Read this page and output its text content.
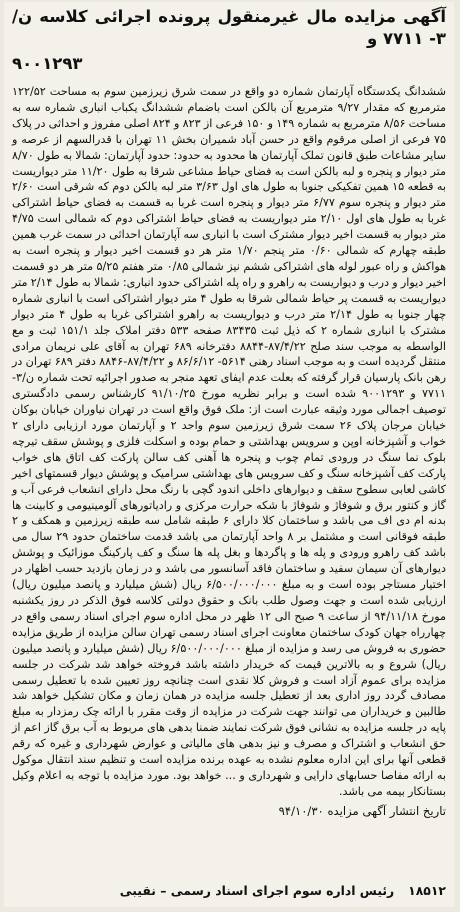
آگهی مزایده مال غیرمنقول پرونده اجرائی کلاسه ن/۳- ۷۷۱۱ و
۹۰۰۱۲۹۳
ششدانگ یکدستگاه آپارتمان شماره دو واقع در سمت شرق زیرزمین سوم به مساحت ۱۲۲/۵۲ مترمربع که مقدار ۹/۲۷ مترمربع آن بالکن است باضمام ششدانگ یکباب انباری شماره سه به مساحت ۸/۵۶ مترمربع به شماره ۱۴۹ و ۱۵۰ فرعی از ۸۲۳ و ۸۲۴ اصلی مفروز و احداثی در پلاک ۷۵ فرعی از اصلی مرقوم واقع در حسن آباد شمیران بخش ۱۱ تهران با قدرالسهم از عرصه و سایر مشاعات طبق قانون تملک آپارتمان ها محدود به حدود: حدود آپارتمان: شمالا به طول ۸/۷۰ متر دیوار و پنجره و لبه بالکن است به فضای حیاط مشاعی شرقا به طول ۱۱/۲۰ متر دیواریست به قطعه ۱۵ همین تفکیکی جنوبا به طول های اول ۳/۶۳ متر لبه بالکن دوم که شرقی است ۲/۶۰ متر دیوار و پنجره سوم ۶/۷۷ متر دیوار و پنجره است غربا به قسمت به فضای حیاط اشتراکی غربا به طول های اول ۲/۱۰ متر دیواریست به فضای حیاط اشتراکی دوم که شمالی است ۴/۷۵ متر دیوار به قسمت اخیر دیوار مشترک است با انباری سه آپارتمان احداثی در سمت غرب همین طبقه چهارم که شمالی ۰/۶۰ متر پنجم ۱/۷۰ متر هر دو قسمت اخیر دیوار و پنجره است به هواکش و راه عبور لوله های اشتراکی ششم نیز شمالی ۰/۸۵ متر هفتم ۵/۲۵ متر هر دو قسمت اخیر دیوار و درب و دیواریست به راهرو و راه پله اشتراکی حدود انباری: شمالا به طول ۲/۱۴ متر دیواریست به قسمت پر حیاط شمالی شرقا به طول ۴ متر دیوار اشتراکی است با انباری شماره چهار جنوبا به طول ۲/۱۴ متر درب و دیواریست به راهرو اشتراکی غربا به طول ۴ متر دیوار مشترک با انباری شماره ۲ که ذیل ثبت ۸۳۴۳۵ صفحه ۵۳۳ دفتر املاک جلد ۱۵۱/۱ ثبت و مع الواسطه به موجب سند صلح ۸۷/۴/۲۲-۸۸۴۴ دفترخانه ۶۸۹ تهران به آقای علی نریمان مرادی منتقل گردیده است و به موجب اسناد رهنی ۵۶۱۴- ۸۶/۶/۱۲ و ۸۷/۴/۲۲-۸۸۴۶ دفتر ۶۸۹ تهران در رهن بانک پارسیان قرار گرفته که بعلت عدم ایفای تعهد منجر به صدور اجرائیه تحت شماره ن/۳- ۷۷۱۱ و ۹۰۰۱۲۹۳ شده است و برابر نظریه مورخ ۹۱/۱۰/۲۵ کارشناس رسمی دادگستری توصیف اجمالی مورد وثیقه عبارت است از: ملک فوق واقع است در تهران نیاوران خیابان بوکان خیابان مرجان پلاک ۲۶ سمت شرق زیرزمین سوم واحد ۲ و آپارتمان مورد ارزیابی دارای ۲ خواب و آشپزخانه اوپن و سرویس بهداشتی و حمام بوده و اسکلت فلزی و پوشش سقف تیرچه بلوک نما سنگ در ورودی تمام چوب و پنجره ها آهنی کف سالن پارکت کف اتاق های خواب پارکت کف آشپزخانه سنگ و کف سرویس های بهداشتی سرامیک و پوشش دیوار قسمتهای اخیر کاشی لعابی سطوح سقف و دیوارهای داخلی اندود گچی با رنگ محل دارای انشعاب فرعی آب و گاز و کنتور برق و شوفاژ و شوفاژ با شکه حرارت مرکزی و رادیاتورهای آلومینیومی و کابینت ها بدنه ام دی اف می باشد و ساختمان کلا دارای ۶ طبقه شامل سه طبقه زیرزمین و همکف و ۲ طبقه فوقانی است و مشتمل بر ۸ واحد آپارتمان می باشد قدمت ساختمان حدود ۲۹ سال می باشد کف راهرو ورودی و پله ها و پاگردها و بغل پله ها سنگ و کف پارکینگ موزائیک و پوشش دیوارهای آن سیمان سفید و ساختمان فاقد آسانسور می باشد و در زمان بازدید حسب اظهار در اختیار مستاجر بوده است و به مبلغ ۶/۵۰۰/۰۰۰/۰۰۰ ریال (شش میلیارد و پانصد میلیون ریال) ارزیابی شده است و جهت وصول طلب بانک و حقوق دولتی کلاسه فوق الذکر در روز یکشنبه مورخ ۹۴/۱۱/۱۸ از ساعت ۹ صبح الی ۱۲ ظهر در محل اداره سوم اجرای اسناد رسمی واقع در چهارراه جهان کودک ساختمان معاونت اجرای اسناد رسمی تهران سالن مزایده از طریق مزایده حضوری به فروش می رسد و مزایده از مبلغ ۶/۵۰۰/۰۰۰/۰۰۰ ریال (شش میلیارد و پانصد میلیون ریال) شروع و به بالاترین قیمت که خریدار داشته باشد فروخته خواهد شد شرکت در جلسه مزایده برای عموم آزاد است و فروش کلا نقدی است چنانچه روز تعیین شده با تعطیل رسمی مصادف گردد روز اداری بعد از تعطیل جلسه مزایده در همان زمان و مکان تشکیل خواهد شد طالبین و خریداران می توانند جهت شرکت در مزایده از وقت مقرر با ارائه چک رمزدار به مبلغ پایه در جلسه مزایده به نشانی فوق شرکت نمایند ضمنا بدهی های مربوط به آب برق گاز اعم از حق انشعاب و اشتراک و مصرف و نیز بدهی های مالیاتی و عوارض شهرداری و غیره که رقم قطعی آنها برای این اداره معلوم نشده به عهده برنده مزایده است و تنظیم سند انتقال موکول به ارائه مفاصا حسابهای دارایی و شهرداری و ... خواهد بود. مورد مزایده با توجه به اعلام وکیل بستانکار بیمه می باشد.
تاریخ انتشار آگهی مزایده ۹۴/۱۰/۳۰
۱۸۵۱۲
رئیس اداره سوم اجرای اسناد رسمی – نقیبی
